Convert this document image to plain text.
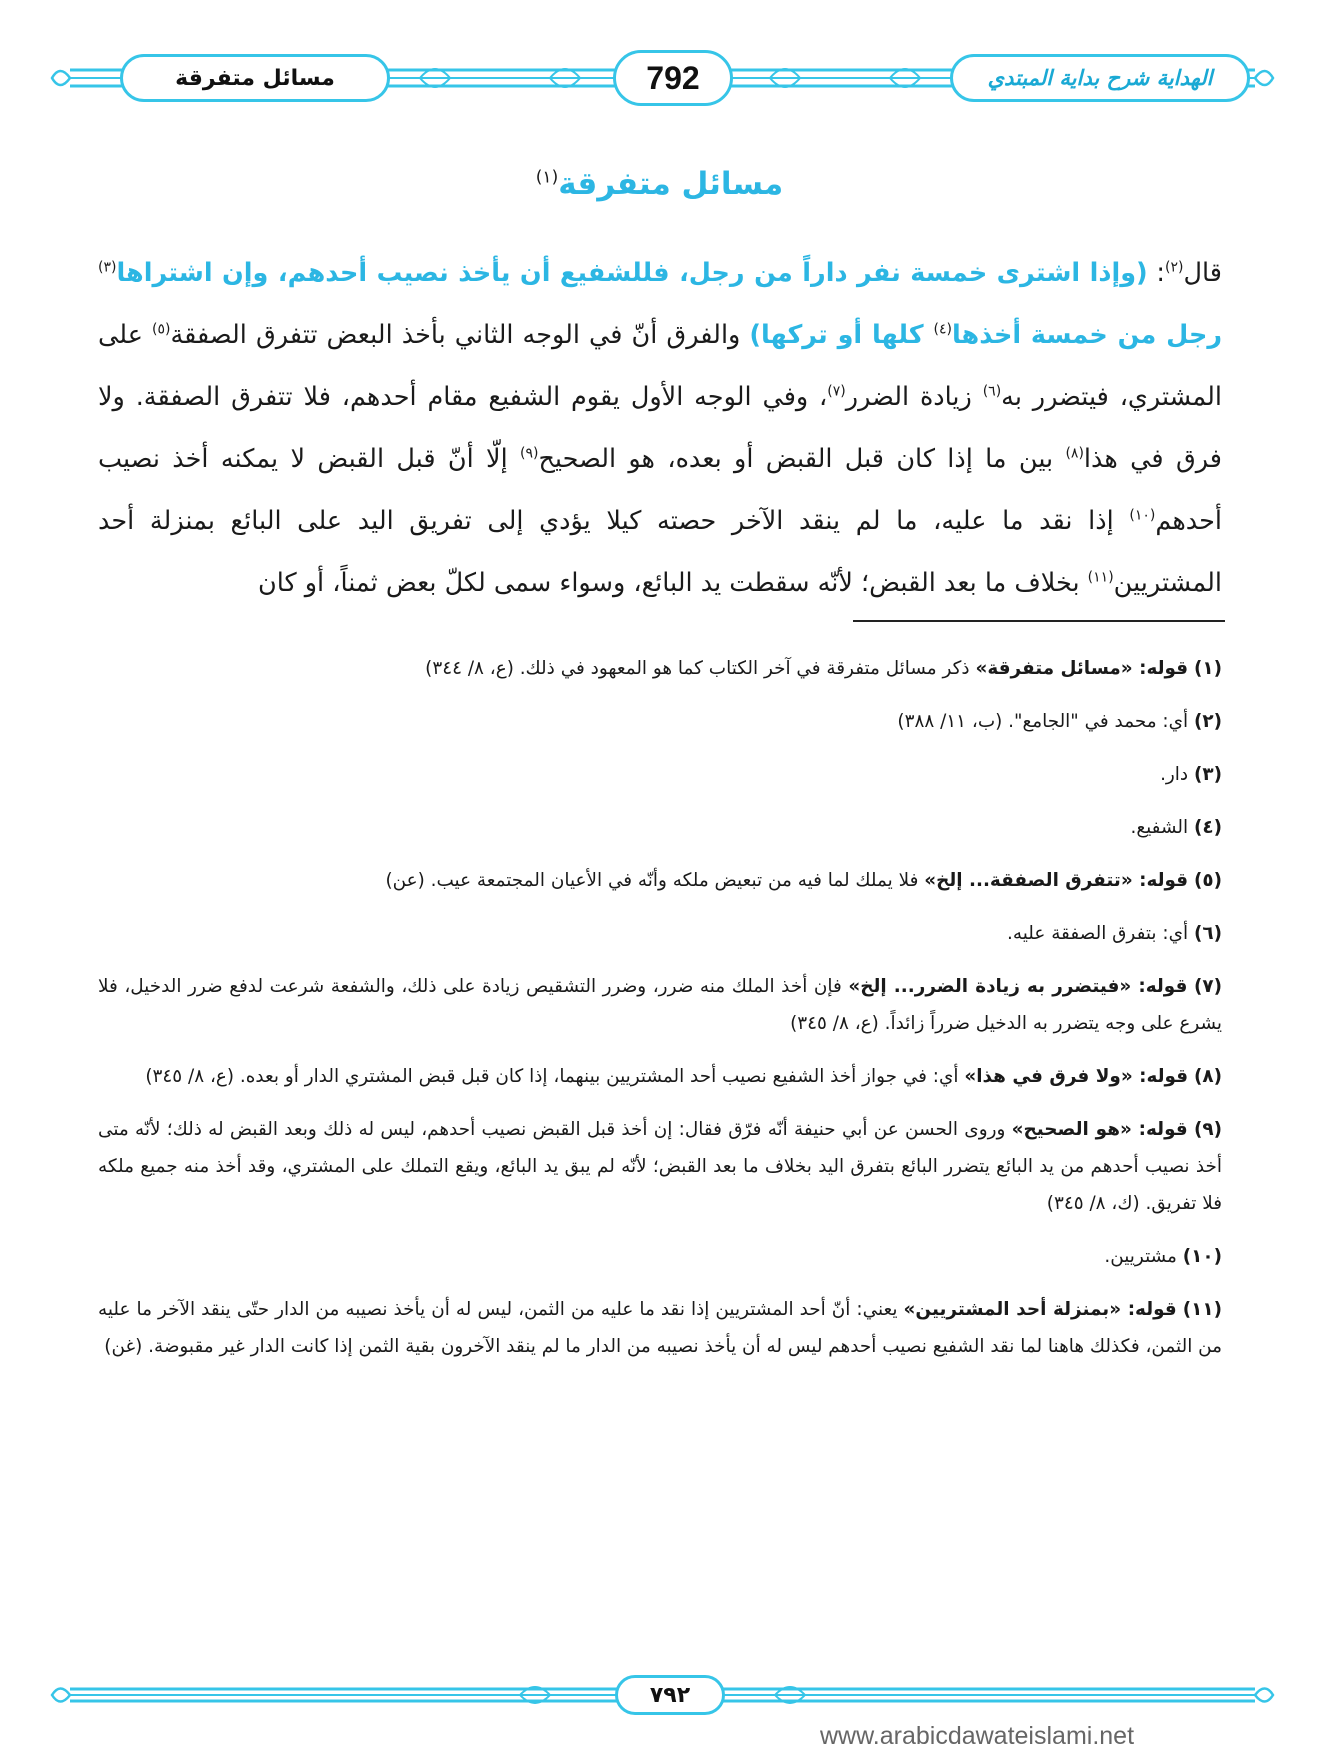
مسائل متفرقة	792	الهداية شرح بداية المبتدي
مسائل متفرقة$^{(١)}$
قال$^{(٢)}$: (وإذا اشترى خمسة نفر داراً من رجل، فللشفيع أن يأخذ نصيب أحدهم، وإن اشتراها$^{(٣)}$ رجل من خمسة أخذها$^{(٤)}$ كلها أو تركها) والفرق أنّ في الوجه الثاني بأخذ البعض تتفرق الصفقة$^{(٥)}$ على المشتري، فيتضرر به$^{(٦)}$ زيادة الضرر$^{(٧)}$، وفي الوجه الأول يقوم الشفيع مقام أحدهم، فلا تتفرق الصفقة. ولا فرق في هذا$^{(٨)}$ بين ما إذا كان قبل القبض أو بعده، هو الصحيح$^{(٩)}$ إلّا أنّ قبل القبض لا يمكنه أخذ نصيب أحدهم$^{(١٠)}$ إذا نقد ما عليه، ما لم ينقد الآخر حصته كيلا يؤدي إلى تفريق اليد على البائع بمنزلة أحد المشتريين$^{(١١)}$ بخلاف ما بعد القبض؛ لأنّه سقطت يد البائع، وسواء سمى لكلّ بعض ثمناً، أو كان
(١) قوله: «مسائل متفرقة» ذكر مسائل متفرقة في آخر الكتاب كما هو المعهود في ذلك. (ع، ٨/ ٣٤٤)
(٢) أي: محمد في "الجامع". (ب، ١١/ ٣٨٨)
(٣) دار.
(٤) الشفيع.
(٥) قوله: «تتفرق الصفقة... إلخ» فلا يملك لما فيه من تبعيض ملكه وأنّه في الأعيان المجتمعة عيب. (عن)
(٦) أي: بتفرق الصفقة عليه.
(٧) قوله: «فيتضرر به زيادة الضرر... إلخ» فإن أخذ الملك منه ضرر، وضرر التشقيص زيادة على ذلك، والشفعة شرعت لدفع ضرر الدخيل، فلا يشرع على وجه يتضرر به الدخيل ضرراً زائداً. (ع، ٨/ ٣٤٥)
(٨) قوله: «ولا فرق في هذا» أي: في جواز أخذ الشفيع نصيب أحد المشتريين بينهما، إذا كان قبل قبض المشتري الدار أو بعده. (ع، ٨/ ٣٤٥)
(٩) قوله: «هو الصحيح» وروى الحسن عن أبي حنيفة أنّه فرّق فقال: إن أخذ قبل القبض نصيب أحدهم، ليس له ذلك وبعد القبض له ذلك؛ لأنّه متى أخذ نصيب أحدهم من يد البائع يتضرر البائع بتفرق اليد بخلاف ما بعد القبض؛ لأنّه لم يبق يد البائع، ويقع التملك على المشتري، وقد أخذ منه جميع ملكه فلا تفريق. (ك، ٨/ ٣٤٥)
(١٠) مشتريين.
(١١) قوله: «بمنزلة أحد المشتريين» يعني: أنّ أحد المشتريين إذا نقد ما عليه من الثمن، ليس له أن يأخذ نصيبه من الدار حتّى ينقد الآخر ما عليه من الثمن، فكذلك هاهنا لما نقد الشفيع نصيب أحدهم ليس له أن يأخذ نصيبه من الدار ما لم ينقد الآخرون بقية الثمن إذا كانت الدار غير مقبوضة. (غن)
٧٩٢
www.arabicdawateislami.net
